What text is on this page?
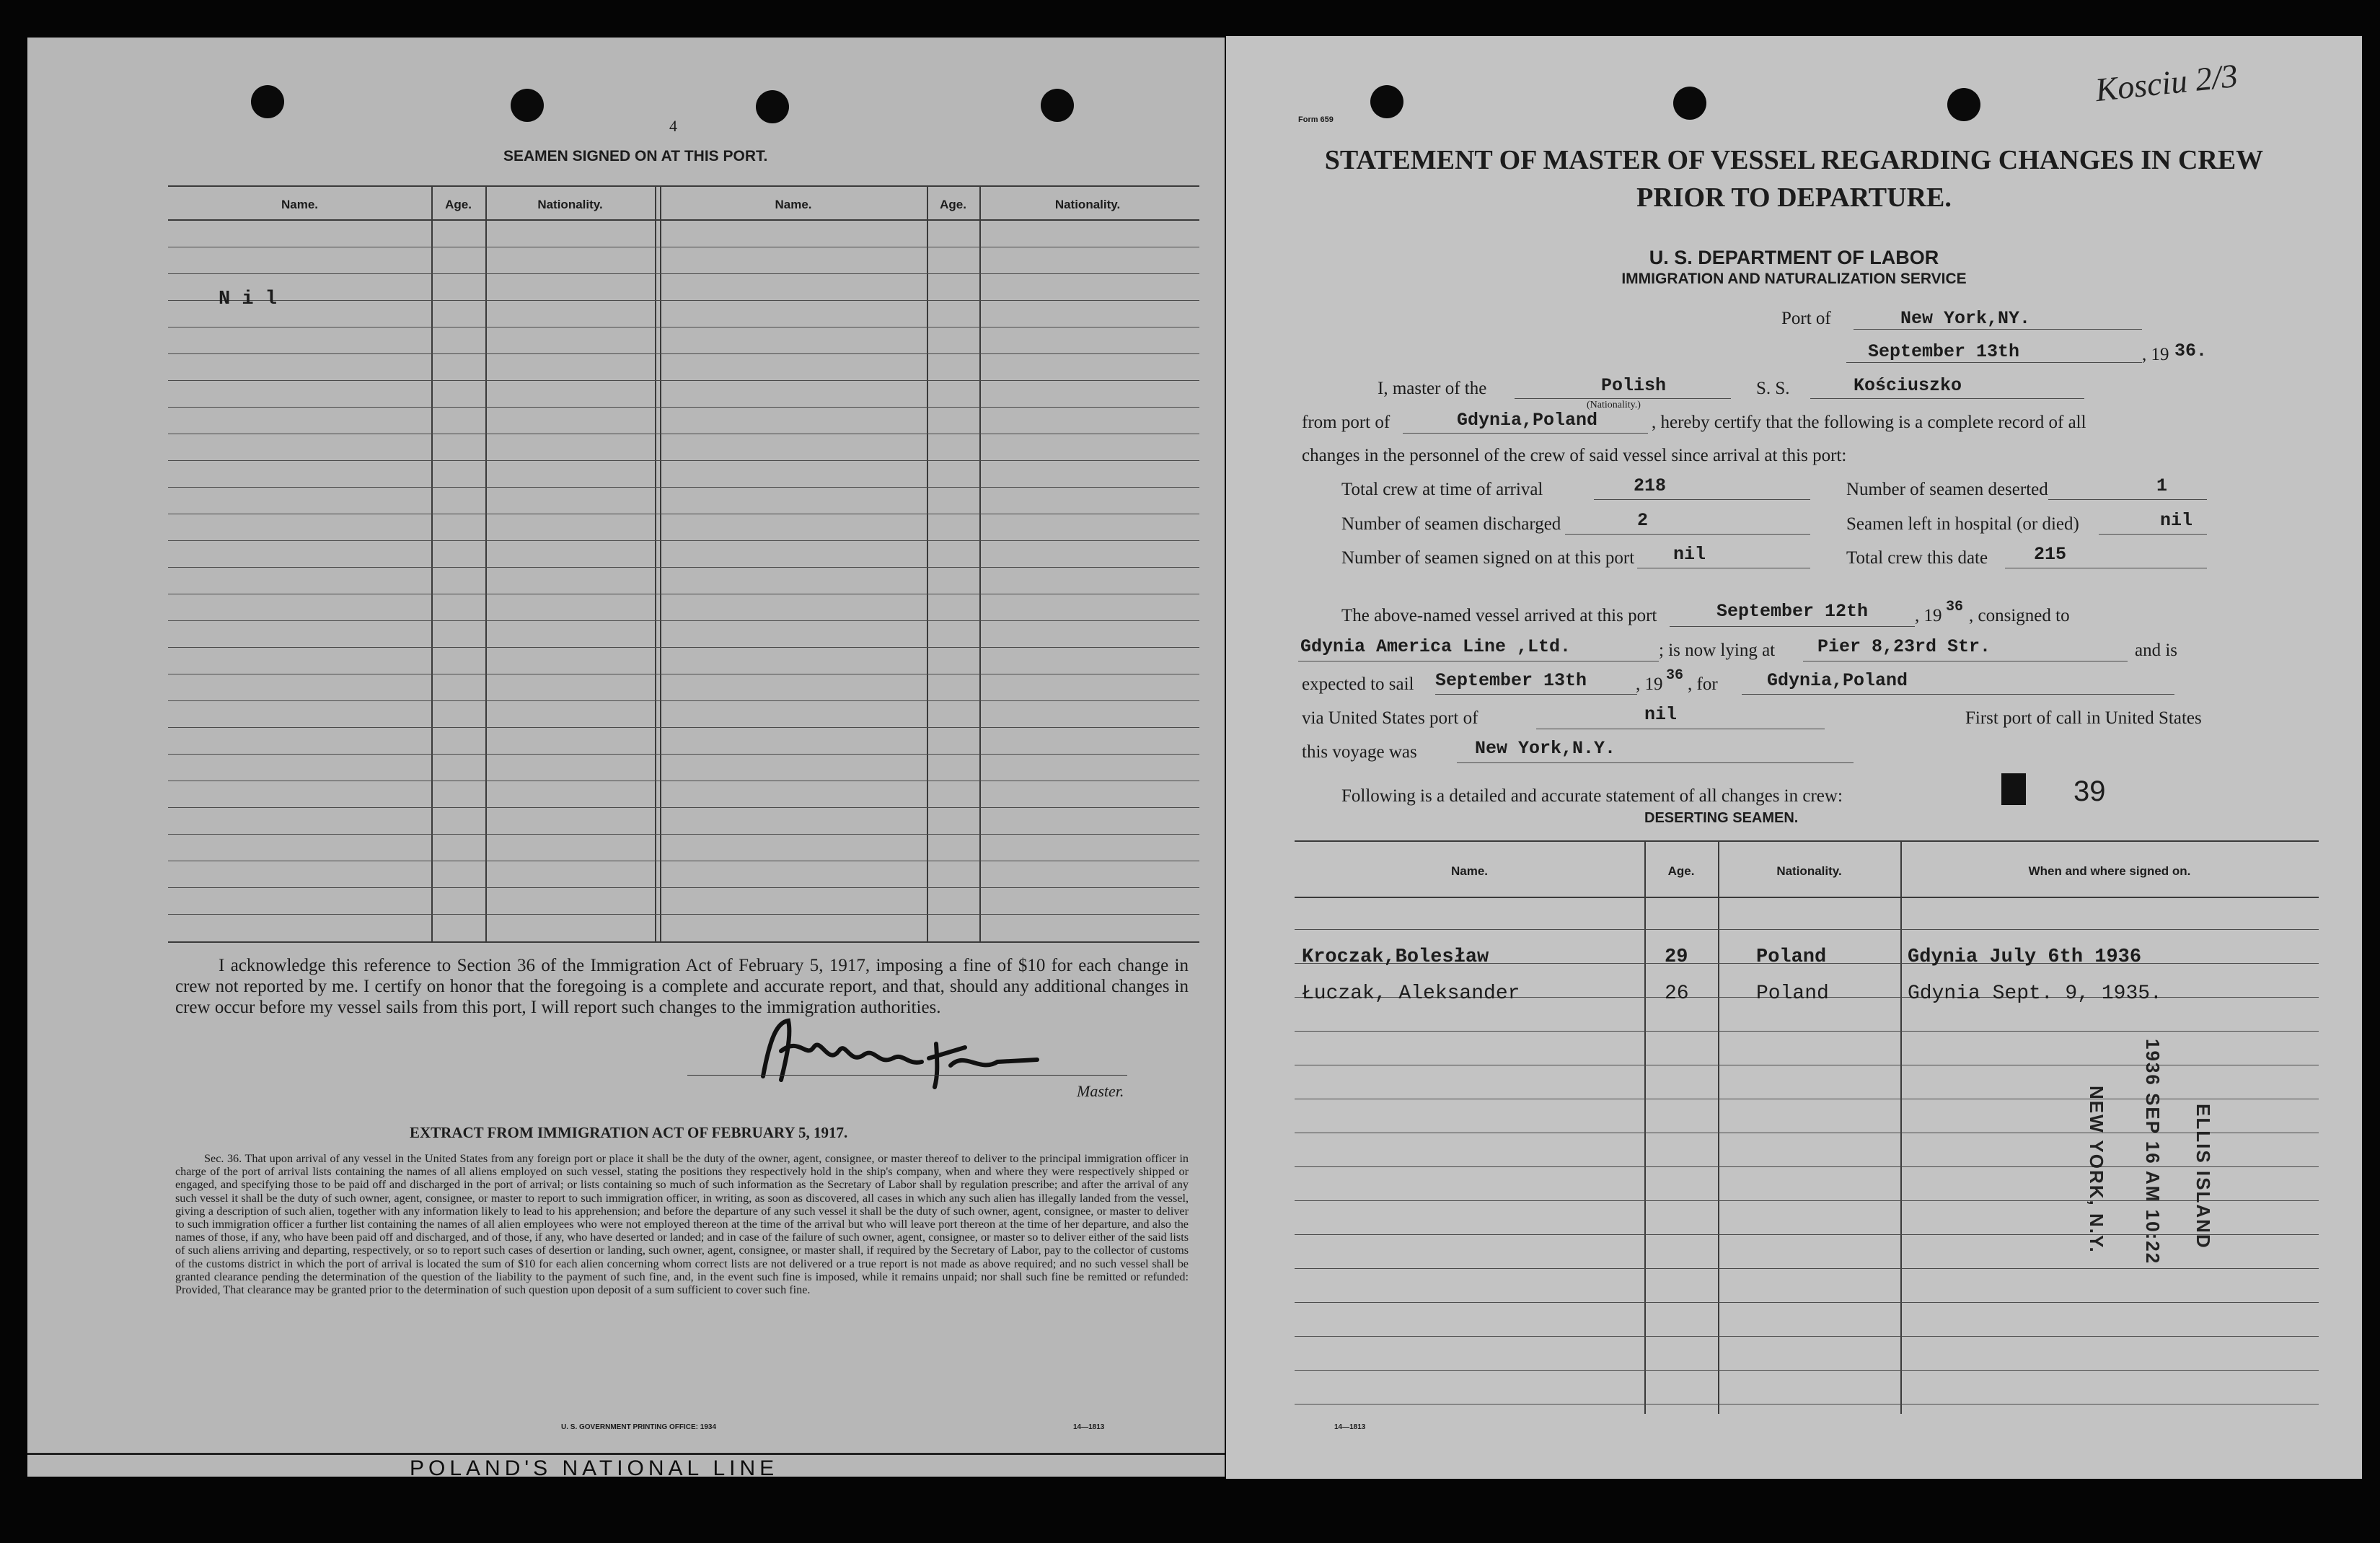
4
SEAMEN SIGNED ON AT THIS PORT.
Name.	Age.	Nationality.	Name.	Age.	Nationality.
N i l
I acknowledge this reference to Section 36 of the Immigration Act of February 5, 1917, imposing a fine of $10 for each change in crew not reported by me. I certify on honor that the foregoing is a complete and accurate report, and that, should any additional changes in crew occur before my vessel sails from this port, I will report such changes to the immigration authorities.
Master.
EXTRACT FROM IMMIGRATION ACT OF FEBRUARY 5, 1917.
Sec. 36. That upon arrival of any vessel in the United States from any foreign port or place it shall be the duty of the owner, agent, consignee, or master thereof to deliver to the principal immigration officer in charge of the port of arrival lists containing the names of all aliens employed on such vessel, stating the positions they respectively hold in the ship's company, when and where they were respectively shipped or engaged, and specifying those to be paid off and discharged in the port of arrival; or lists containing so much of such information as the Secretary of Labor shall by regulation prescribe; and after the arrival of any such vessel it shall be the duty of such owner, agent, consignee, or master to report to such immigration officer, in writing, as soon as discovered, all cases in which any such alien has illegally landed from the vessel, giving a description of such alien, together with any information likely to lead to his apprehension; and before the departure of any such vessel it shall be the duty of such owner, agent, consignee, or master to deliver to such immigration officer a further list containing the names of all alien employees who were not employed thereon at the time of the arrival but who will leave port thereon at the time of her departure, and also the names of those, if any, who have been paid off and discharged, and of those, if any, who have deserted or landed; and in case of the failure of such owner, agent, consignee, or master so to deliver either of the said lists of such aliens arriving and departing, respectively, or so to report such cases of desertion or landing, such owner, agent, consignee, or master shall, if required by the Secretary of Labor, pay to the collector of customs of the customs district in which the port of arrival is located the sum of $10 for each alien concerning whom correct lists are not delivered or a true report is not made as above required; and no such vessel shall be granted clearance pending the determination of the question of the liability to the payment of such fine, and, in the event such fine is imposed, while it remains unpaid; nor shall such fine be remitted or refunded: Provided, That clearance may be granted prior to the determination of such question upon deposit of a sum sufficient to cover such fine.
U. S. GOVERNMENT PRINTING OFFICE: 1934	14—1813
POLAND'S NATIONAL LINE
Kosciu 2/3
Form 659
STATEMENT OF MASTER OF VESSEL REGARDING CHANGES IN CREW
PRIOR TO DEPARTURE.
U. S. DEPARTMENT OF LABOR
IMMIGRATION AND NATURALIZATION SERVICE
Port of	New York,NY.
September 13th	, 19 36.
I, master of the	Polish	S. S.	Kościuszko
(Nationality.)
from port of	Gdynia,Poland	, hereby certify that the following is a complete record of all
changes in the personnel of the crew of said vessel since arrival at this port:
Total crew at time of arrival	218	Number of seamen deserted	1
Number of seamen discharged	2	Seamen left in hospital (or died)	nil
Number of seamen signed on at this port nil	Total crew this date	215
The above-named vessel arrived at this port	September 12th	, 19 36 , consigned to
Gdynia America Line ,Ltd.	; is now lying at Pier 8,23rd Str.	and is
expected to sail September 13th	, 19 36 , for	Gdynia,Poland
via United States port of	nil	First port of call in United States
this voyage was	New York,N.Y.
Following is a detailed and accurate statement of all changes in crew:	39
DESERTING SEAMEN.
Name.	Age.	Nationality.	When and where signed on.
Kroczak,Bolesław	29	Poland	Gdynia July 6th 1936
Łuczak, Aleksander	26	Poland	Gdynia Sept. 9, 1935.
ELLIS ISLAND
1936 SEP 16 AM 10:22
NEW YORK, N.Y.
14—1813
